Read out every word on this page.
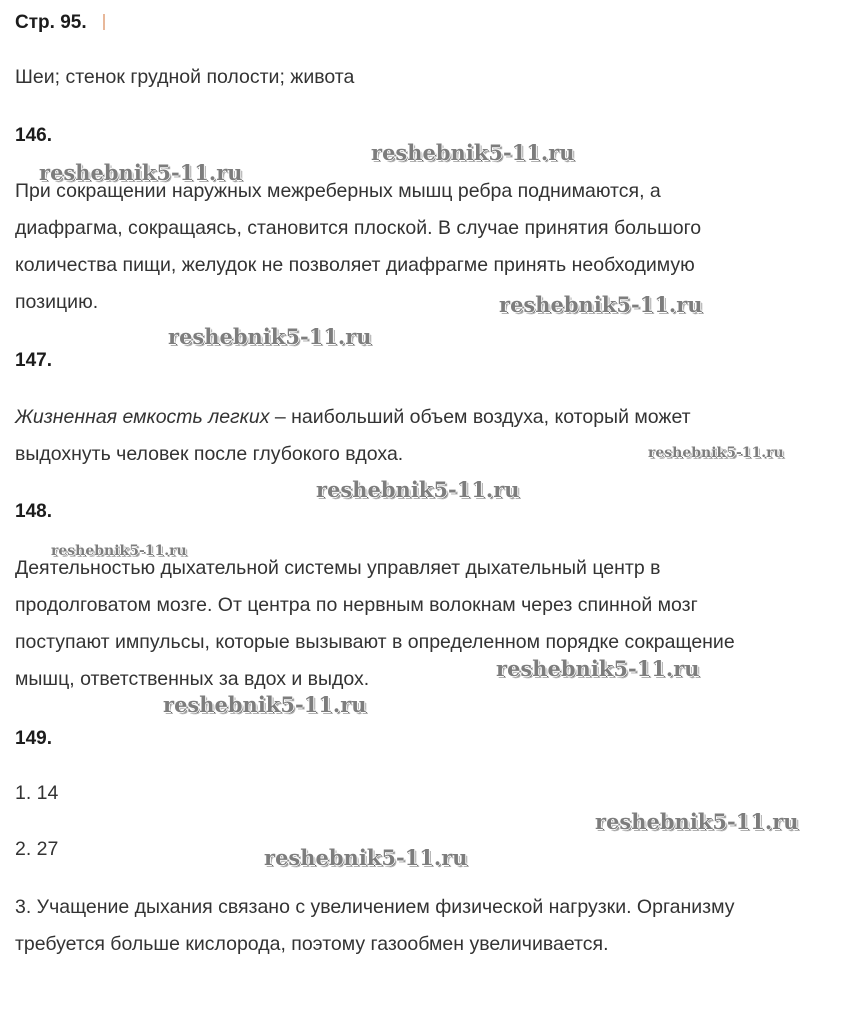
Стр. 95.
Шеи; стенок грудной полости; живота
146.
При сокращении наружных межреберных мышц ребра поднимаются, а
диафрагма, сокращаясь, становится плоской. В случае принятия большого
количества пищи, желудок не позволяет диафрагме принять необходимую
позицию.
147.
Жизненная емкость легких – наибольший объем воздуха, который может
выдохнуть человек после глубокого вдоха.
148.
Деятельностью дыхательной системы управляет дыхательный центр в
продолговатом мозге. От центра по нервным волокнам через спинной мозг
поступают импульсы, которые вызывают в определенном порядке сокращение
мышц, ответственных за вдох и выдох.
149.
1. 14
2. 27
3. Учащение дыхания связано с увеличением физической нагрузки. Организму
требуется больше кислорода, поэтому газообмен увеличивается.
reshebnik5-11.ru
reshebnik5-11.ru
reshebnik5-11.ru
reshebnik5-11.ru
reshebnik5-11.ru
reshebnik5-11.ru
reshebnik5-11.ru
reshebnik5-11.ru
reshebnik5-11.ru
reshebnik5-11.ru
reshebnik5-11.ru
